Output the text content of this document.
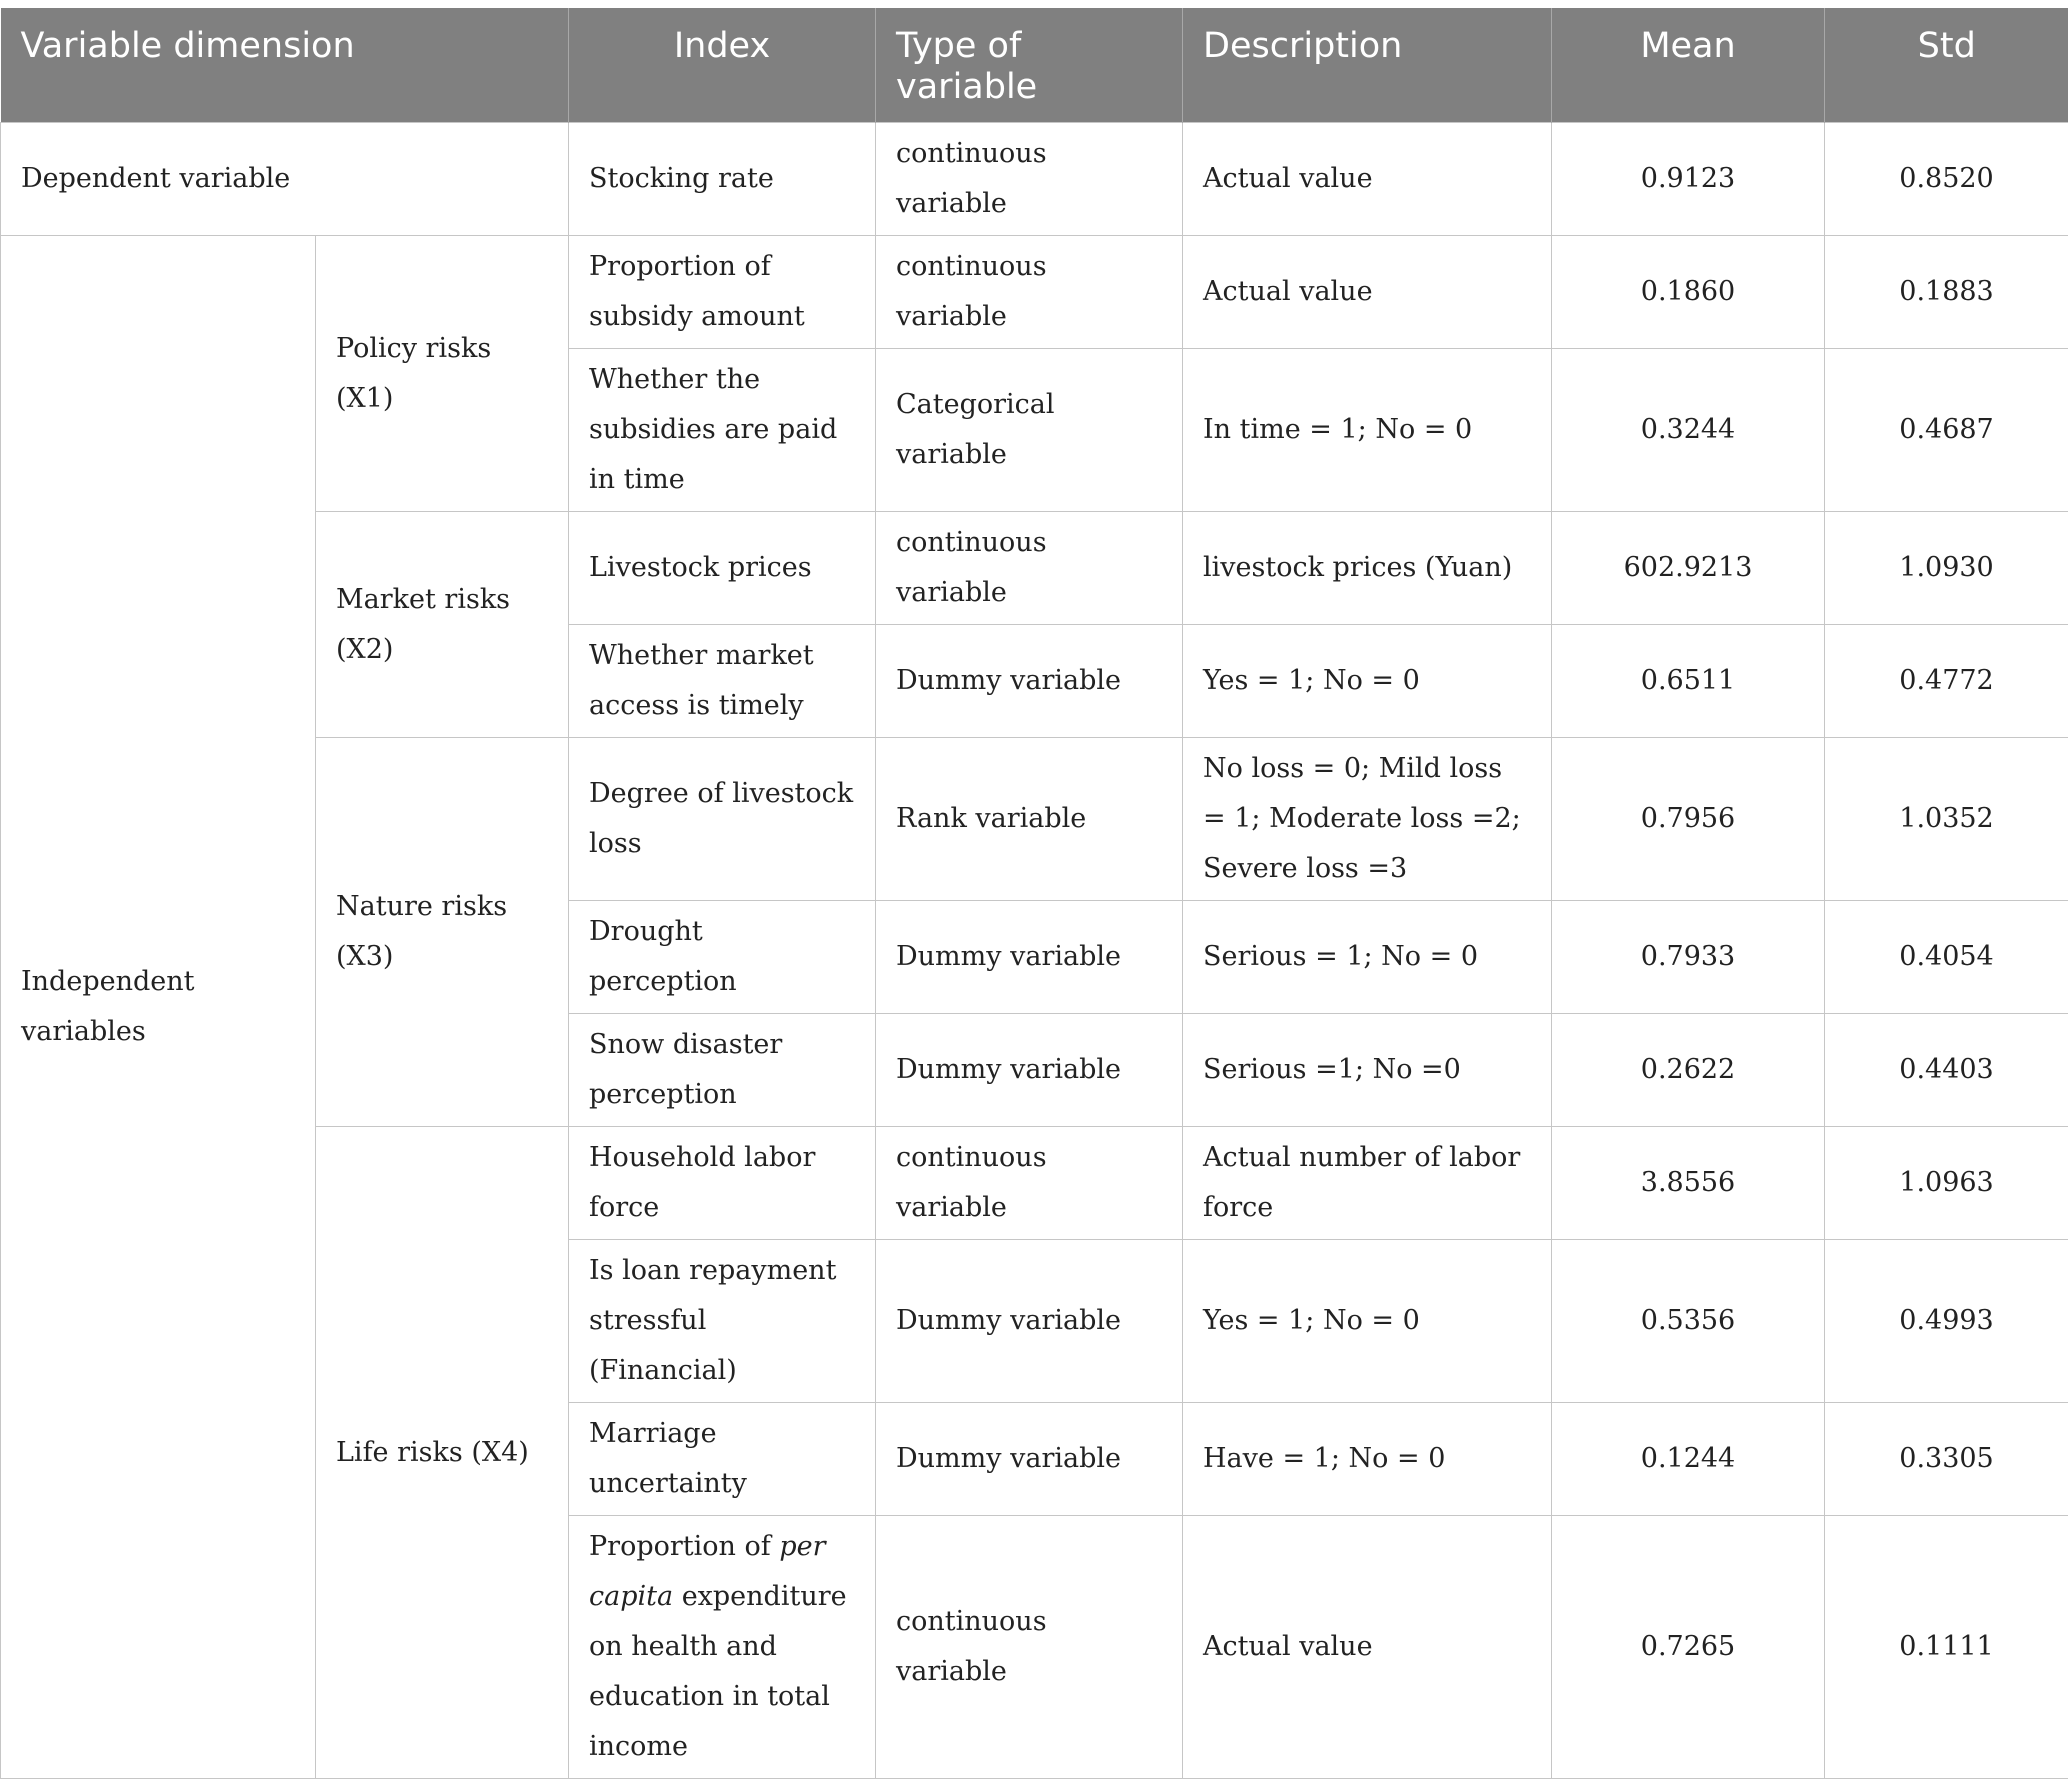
Variable dimension		Index	Type of variable	Description	Mean	Std
Dependent variable		Stocking rate	continuous variable	Actual value	0.9123	0.8520
Independent variables	Policy risks (X1)	Proportion of subsidy amount	continuous variable	Actual value	0.1860	0.1883
		Whether the subsidies are paid in time	Categorical variable	In time = 1; No = 0	0.3244	0.4687
	Market risks (X2)	Livestock prices	continuous variable	livestock prices (Yuan)	602.9213	1.0930
		Whether market access is timely	Dummy variable	Yes = 1; No = 0	0.6511	0.4772
	Nature risks (X3)	Degree of livestock loss	Rank variable	No loss = 0; Mild loss = 1; Moderate loss =2; Severe loss =3	0.7956	1.0352
		Drought perception	Dummy variable	Serious = 1; No = 0	0.7933	0.4054
		Snow disaster perception	Dummy variable	Serious =1; No =0	0.2622	0.4403
	Life risks (X4)	Household labor force	continuous variable	Actual number of labor force	3.8556	1.0963
		Is loan repayment stressful (Financial)	Dummy variable	Yes = 1; No = 0	0.5356	0.4993
		Marriage uncertainty	Dummy variable	Have = 1; No = 0	0.1244	0.3305
		Proportion of per capita expenditure on health and education in total income	continuous variable	Actual value	0.7265	0.1111
